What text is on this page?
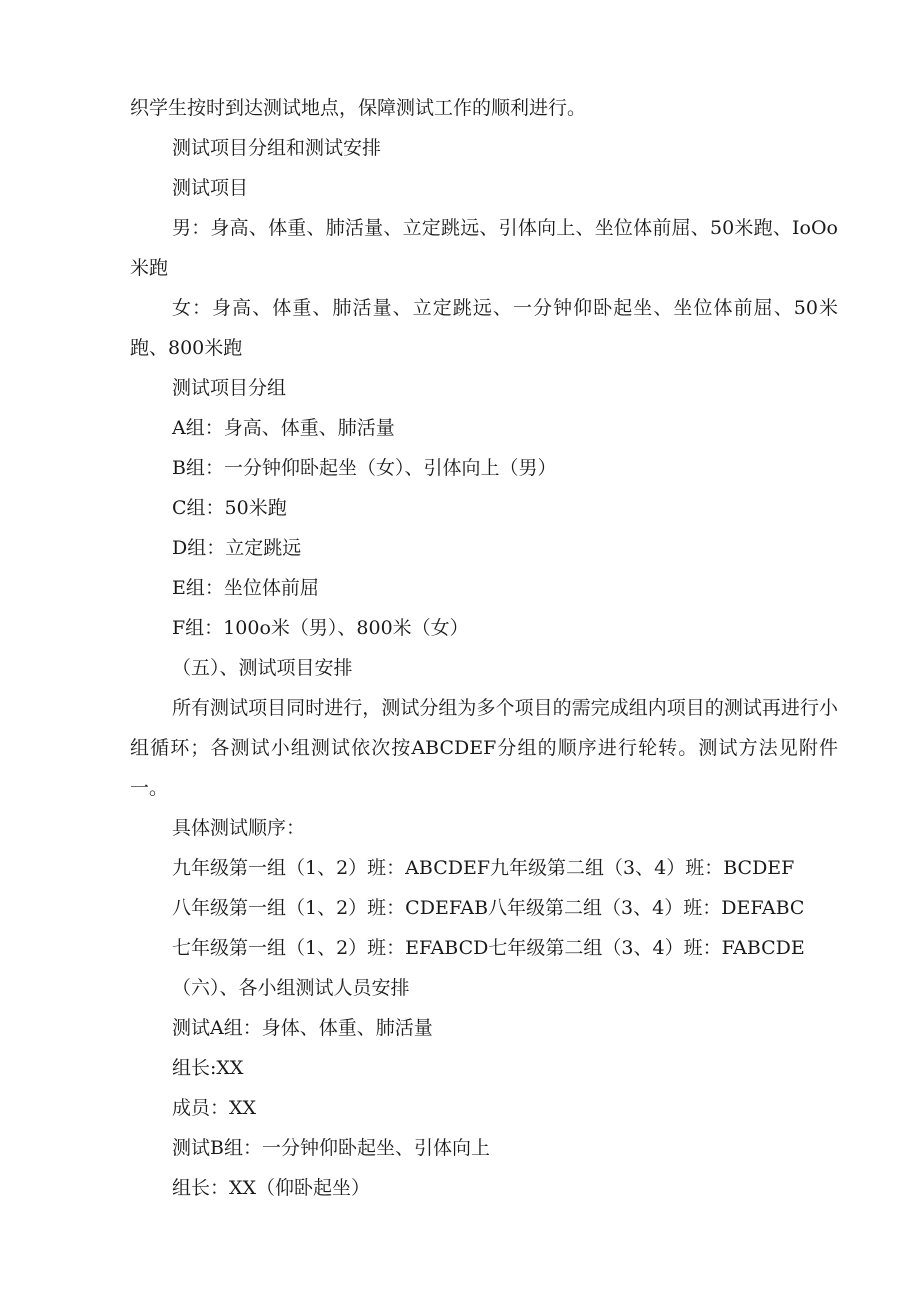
织学生按时到达测试地点，保障测试工作的顺利进行。
测试项目分组和测试安排
测试项目
男：身高、体重、肺活量、立定跳远、引体向上、坐位体前屈、50米跑、IoOo米跑
女：身高、体重、肺活量、立定跳远、一分钟仰卧起坐、坐位体前屈、50米跑、800米跑
测试项目分组
A组：身高、体重、肺活量
B组：一分钟仰卧起坐（女）、引体向上（男）
C组：50米跑
D组：立定跳远
E组：坐位体前屈
F组：100o米（男）、800米（女）
（五）、测试项目安排
所有测试项目同时进行，测试分组为多个项目的需完成组内项目的测试再进行小组循环；各测试小组测试依次按ABCDEF分组的顺序进行轮转。测试方法见附件一。
具体测试顺序：
九年级第一组（1、2）班：ABCDEF九年级第二组（3、4）班：BCDEF
八年级第一组（1、2）班：CDEFAB八年级第二组（3、4）班：DEFABC
七年级第一组（1、2）班：EFABCD七年级第二组（3、4）班：FABCDE
（六）、各小组测试人员安排
测试A组：身体、体重、肺活量
组长:XX
成员：XX
测试B组：一分钟仰卧起坐、引体向上
组长：XX（仰卧起坐）
